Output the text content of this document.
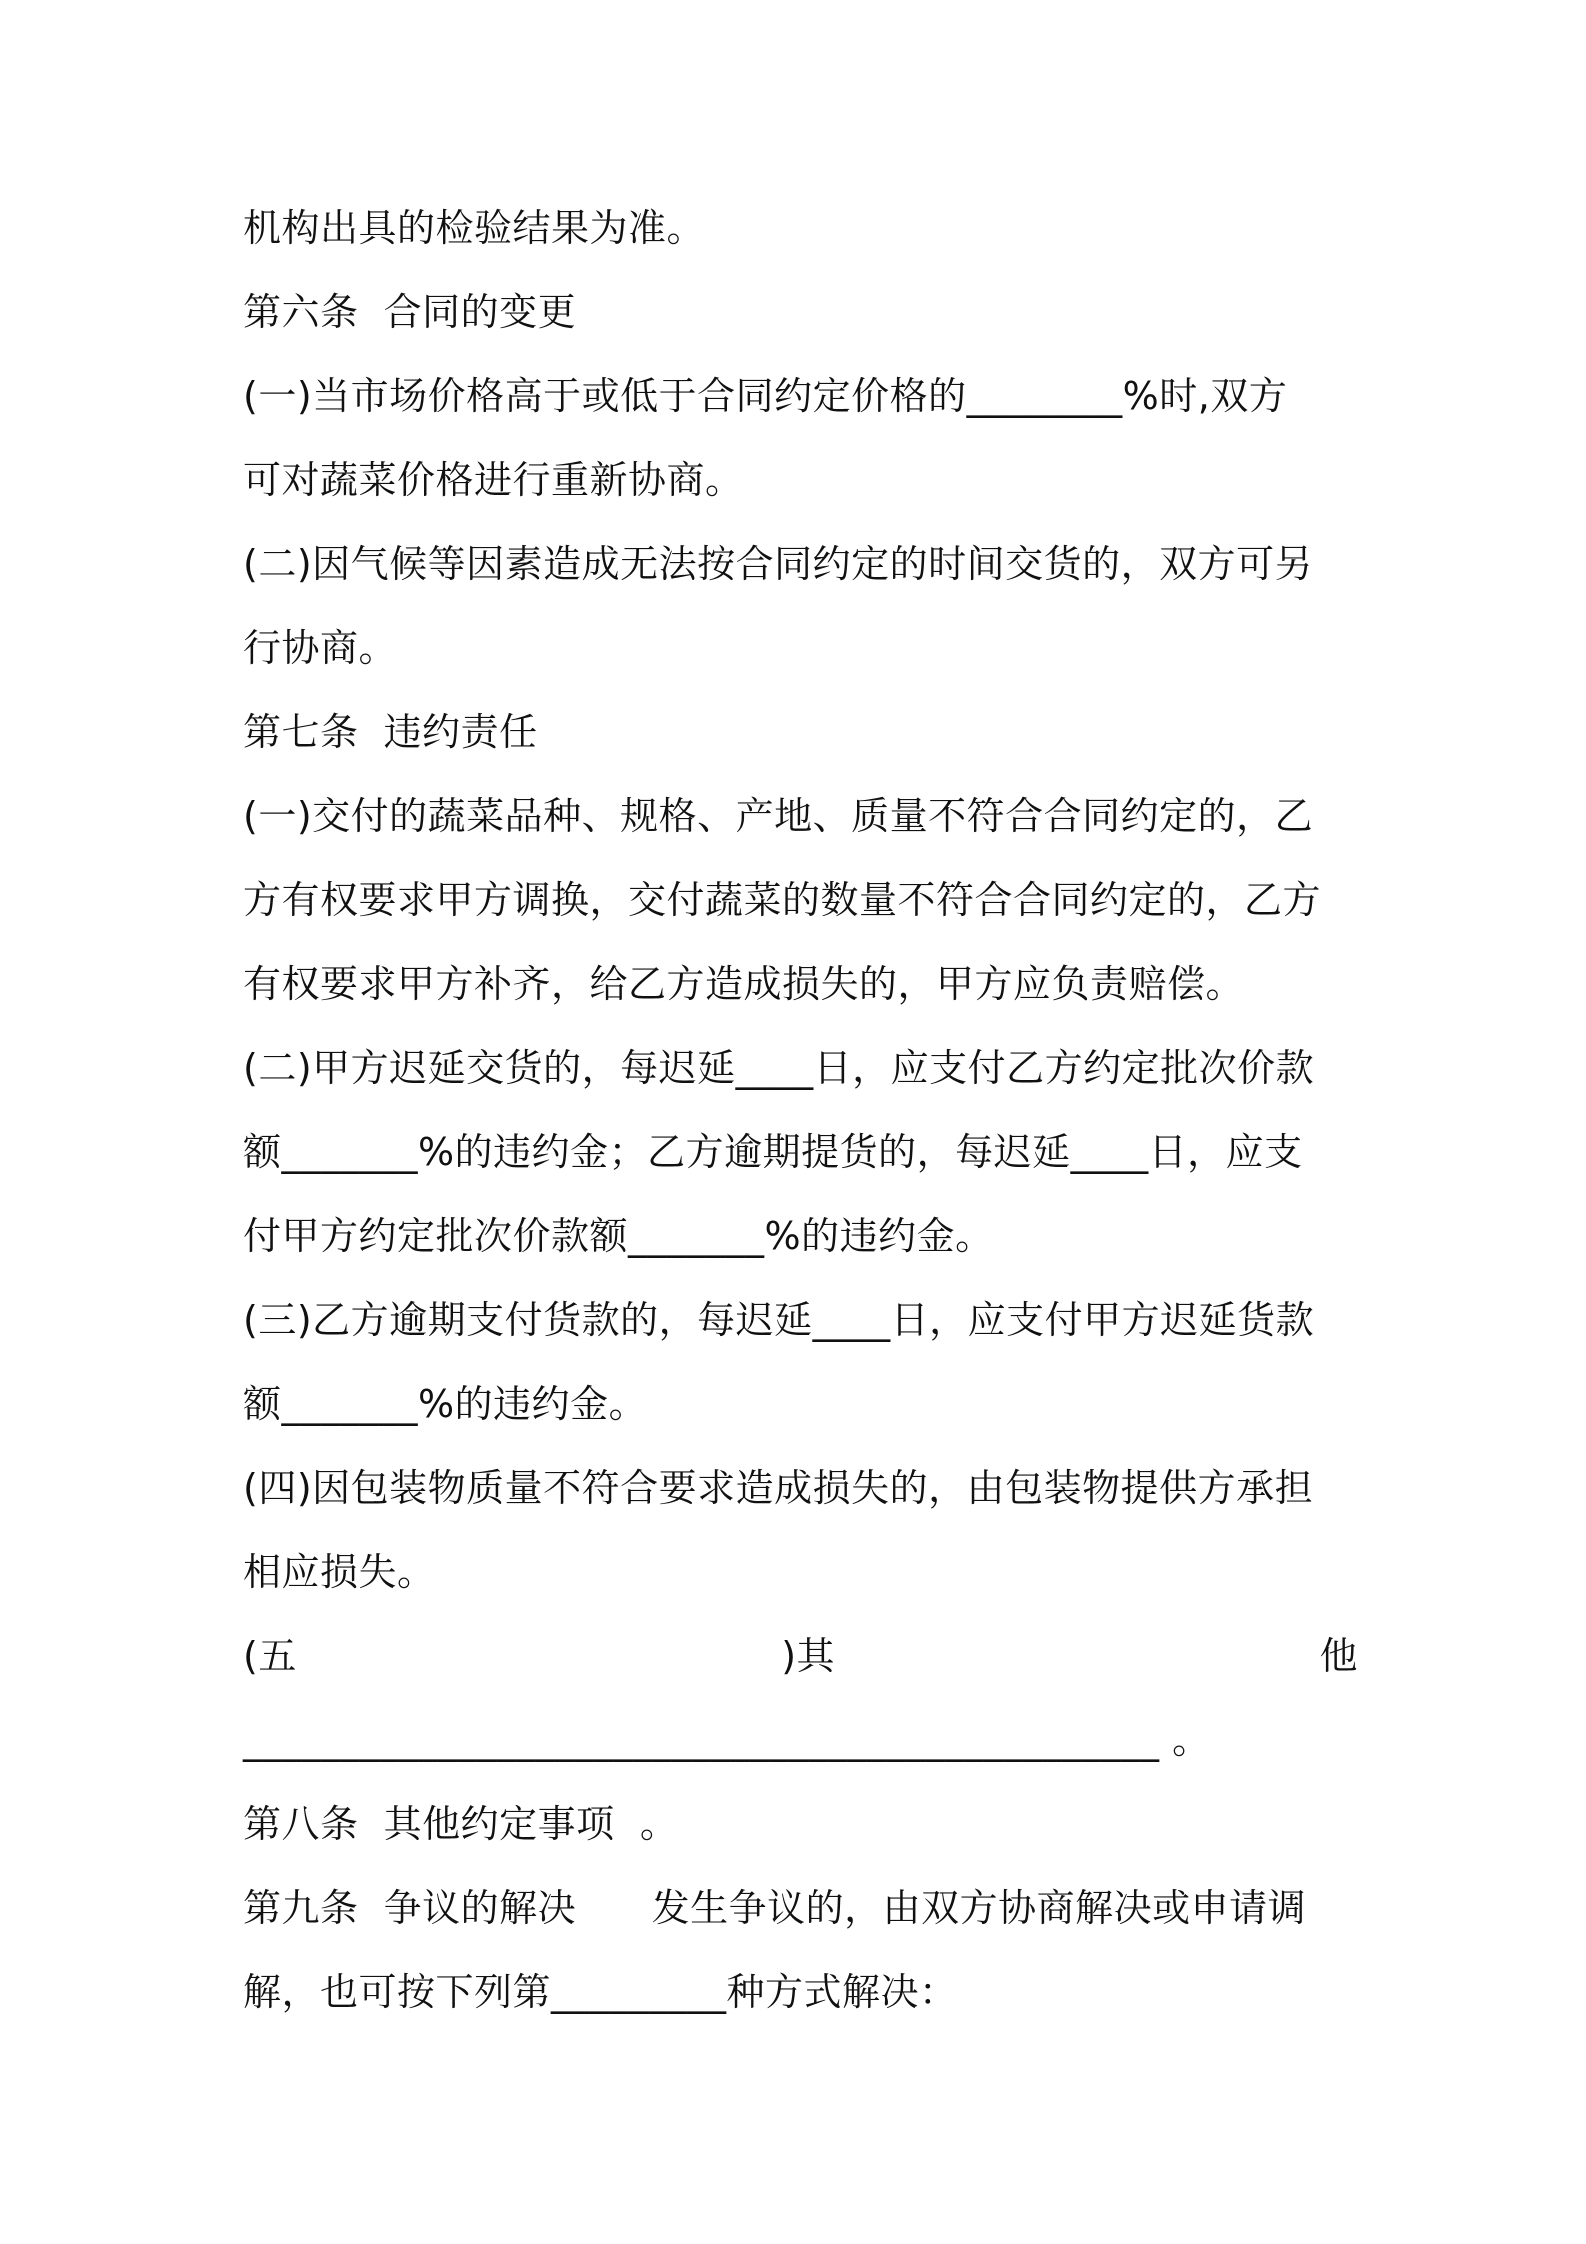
机构出具的检验结果为准。
第六条  合同的变更
(一)当市场价格高于或低于合同约定价格的________%时,双方
可对蔬菜价格进行重新协商。
(二)因气候等因素造成无法按合同约定的时间交货的，双方可另
行协商。
第七条  违约责任
(一)交付的蔬菜品种、规格、产地、质量不符合合同约定的，乙
方有权要求甲方调换，交付蔬菜的数量不符合合同约定的，乙方
有权要求甲方补齐，给乙方造成损失的，甲方应负责赔偿。
(二)甲方迟延交货的，每迟延____日，应支付乙方约定批次价款
额_______%的违约金；乙方逾期提货的，每迟延____日，应支
付甲方约定批次价款额_______%的违约金。
(三)乙方逾期支付货款的，每迟延____日，应支付甲方迟延货款
额_______%的违约金。
(四)因包装物质量不符合要求造成损失的，由包装物提供方承担
相应损失。
(五	)其	他
_______________________________________________ 。
第八条  其他约定事项  。
第九条  争议的解决      发生争议的，由双方协商解决或申请调
解，也可按下列第_________种方式解决：
